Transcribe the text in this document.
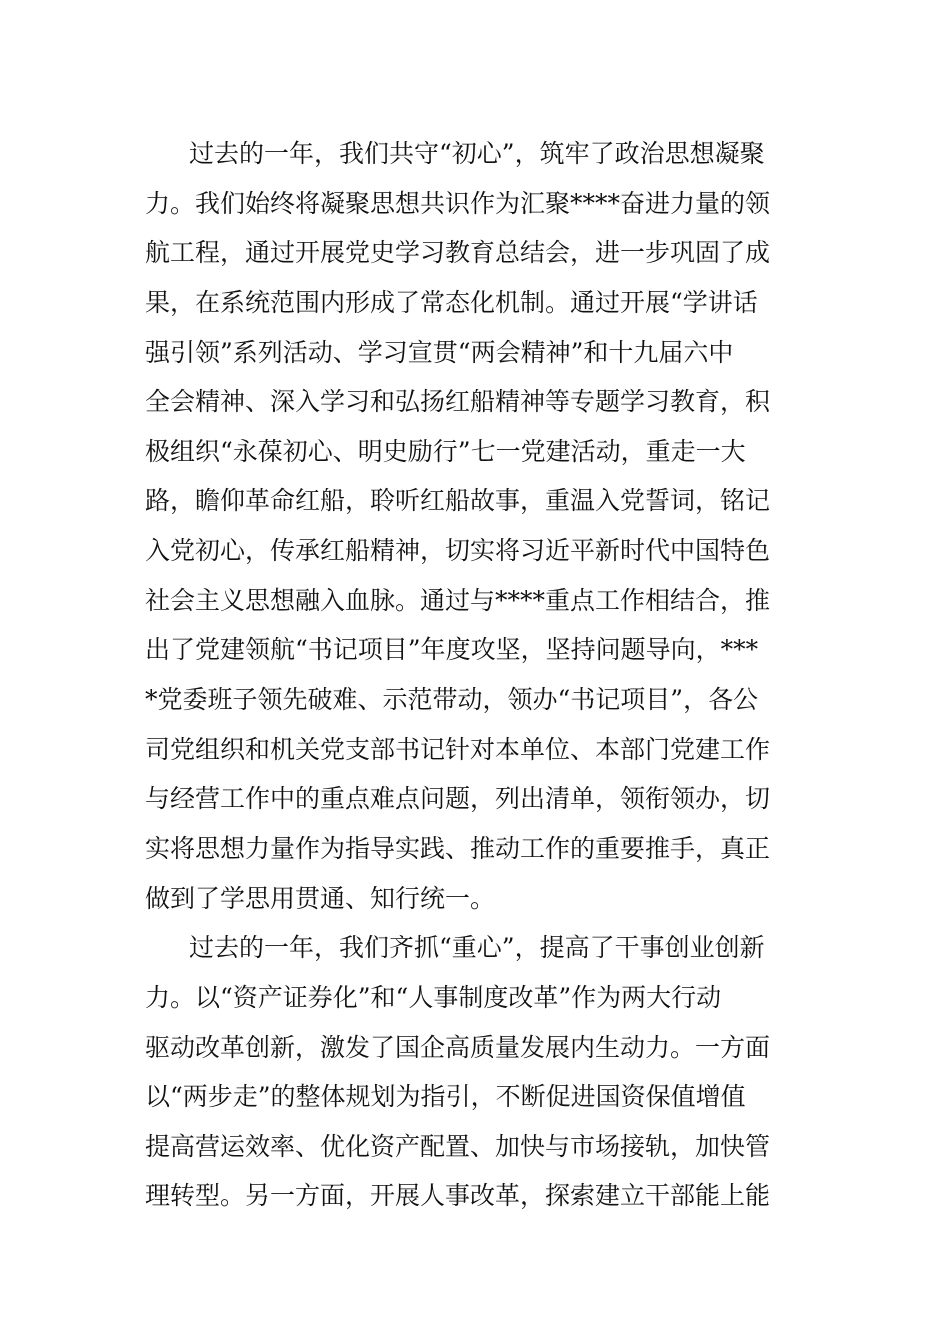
过去的一年，我们共守“初心”，筑牢了政治思想凝聚
力。我们始终将凝聚思想共识作为汇聚****奋进力量的领
航工程，通过开展党史学习教育总结会，进一步巩固了成
果，在系统范围内形成了常态化机制。通过开展“学讲话
强引领”系列活动、学习宣贯“两会精神”和十九届六中
全会精神、深入学习和弘扬红船精神等专题学习教育，积
极组织“永葆初心、明史励行”七一党建活动，重走一大
路，瞻仰革命红船，聆听红船故事，重温入党誓词，铭记
入党初心，传承红船精神，切实将习近平新时代中国特色
社会主义思想融入血脉。通过与****重点工作相结合，推
出了党建领航“书记项目”年度攻坚，坚持问题导向，***
*党委班子领先破难、示范带动，领办“书记项目”，各公
司党组织和机关党支部书记针对本单位、本部门党建工作
与经营工作中的重点难点问题，列出清单，领衔领办，切
实将思想力量作为指导实践、推动工作的重要推手，真正
做到了学思用贯通、知行统一。
过去的一年，我们齐抓“重心”，提高了干事创业创新
力。以“资产证券化”和“人事制度改革”作为两大行动
驱动改革创新，激发了国企高质量发展内生动力。一方面
以“两步走”的整体规划为指引，不断促进国资保值增值
提高营运效率、优化资产配置、加快与市场接轨，加快管
理转型。另一方面，开展人事改革，探索建立干部能上能
